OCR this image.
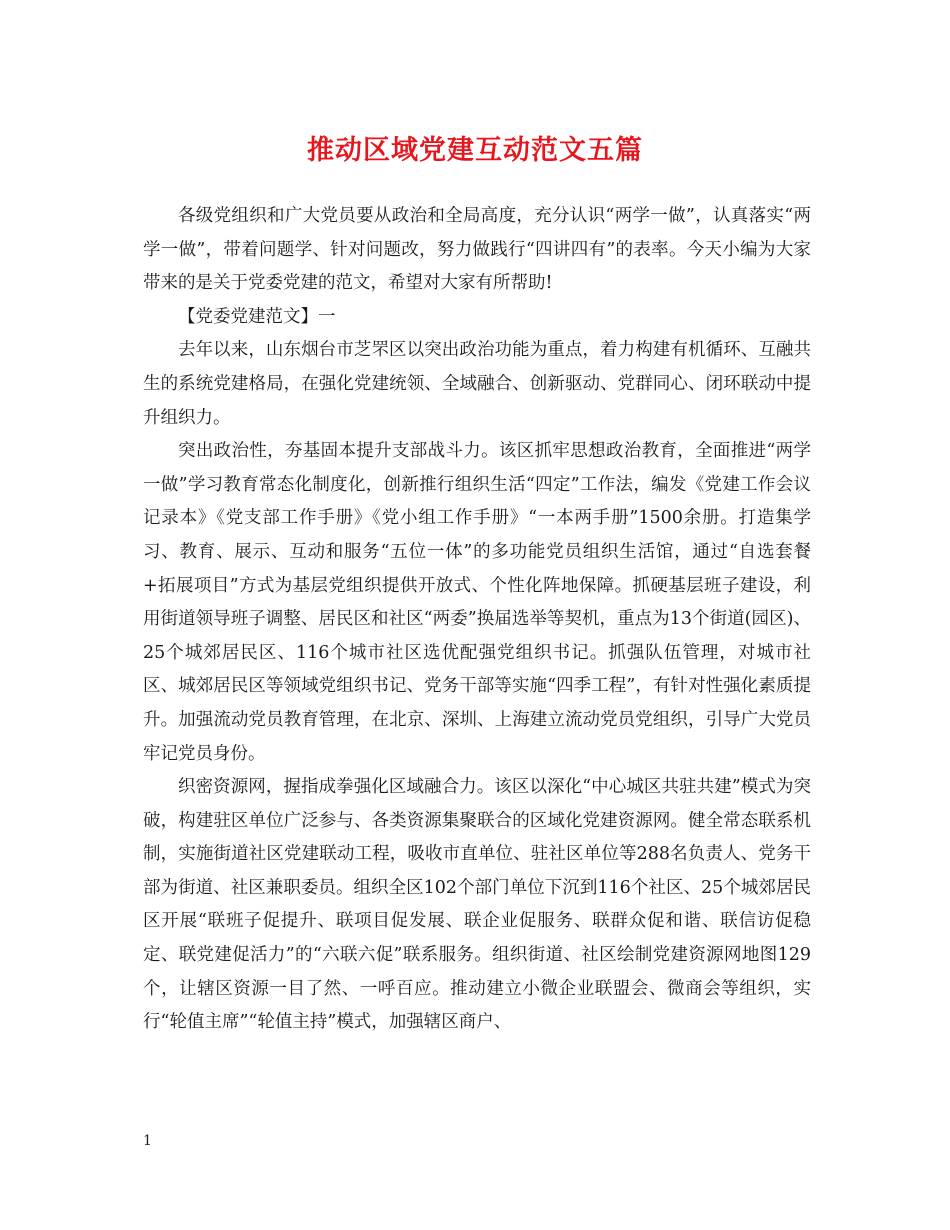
推动区域党建互动范文五篇

各级党组织和广大党员要从政治和全局高度，充分认识“两学一做”，认真落实“两学一做”，带着问题学、针对问题改，努力做践行“四讲四有”的表率。今天小编为大家带来的是关于党委党建的范文，希望对大家有所帮助!

【党委党建范文】一

去年以来，山东烟台市芝罘区以突出政治功能为重点，着力构建有机循环、互融共生的系统党建格局，在强化党建统领、全域融合、创新驱动、党群同心、闭环联动中提升组织力。

突出政治性，夯基固本提升支部战斗力。该区抓牢思想政治教育，全面推进“两学一做”学习教育常态化制度化，创新推行组织生活“四定”工作法，编发《党建工作会议记录本》《党支部工作手册》《党小组工作手册》“一本两手册”1500余册。打造集学习、教育、展示、互动和服务“五位一体”的多功能党员组织生活馆，通过“自选套餐+拓展项目”方式为基层党组织提供开放式、个性化阵地保障。抓硬基层班子建设，利用街道领导班子调整、居民区和社区“两委”换届选举等契机，重点为13个街道(园区)、25个城郊居民区、116个城市社区选优配强党组织书记。抓强队伍管理，对城市社区、城郊居民区等领域党组织书记、党务干部等实施“四季工程”，有针对性强化素质提升。加强流动党员教育管理，在北京、深圳、上海建立流动党员党组织，引导广大党员牢记党员身份。

织密资源网，握指成拳强化区域融合力。该区以深化“中心城区共驻共建”模式为突破，构建驻区单位广泛参与、各类资源集聚联合的区域化党建资源网。健全常态联系机制，实施街道社区党建联动工程，吸收市直单位、驻社区单位等288名负责人、党务干部为街道、社区兼职委员。组织全区102个部门单位下沉到116个社区、25个城郊居民区开展“联班子促提升、联项目促发展、联企业促服务、联群众促和谐、联信访促稳定、联党建促活力”的“六联六促”联系服务。组织街道、社区绘制党建资源网地图129个，让辖区资源一目了然、一呼百应。推动建立小微企业联盟会、微商会等组织，实行“轮值主席”“轮值主持”模式，加强辖区商户、

1
